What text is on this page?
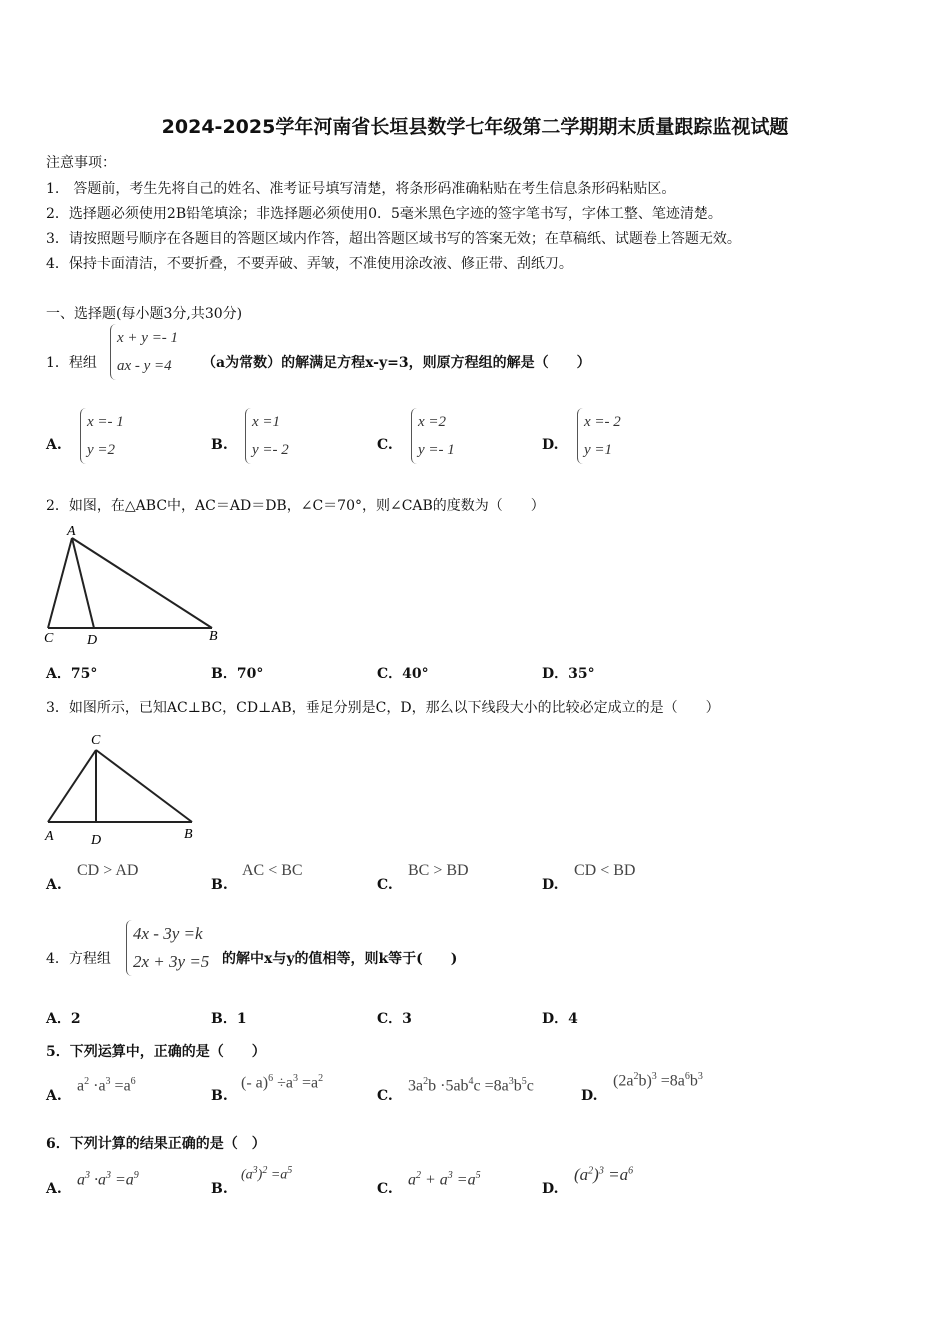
2024-2025学年河南省长垣县数学七年级第二学期期末质量跟踪监视试题
注意事项：
1.　答题前，考生先将自己的姓名、准考证号填写清楚，将条形码准确粘贴在考生信息条形码粘贴区。
2．选择题必须使用2B铅笔填涂；非选择题必须使用0．5毫米黑色字迹的签字笔书写，字体工整、笔迹清楚。
3．请按照题号顺序在各题目的答题区域内作答，超出答题区域书写的答案无效；在草稿纸、试题卷上答题无效。
4．保持卡面清洁，不要折叠，不要弄破、弄皱，不准使用涂改液、修正带、刮纸刀。
一、选择题(每小题3分,共30分)
1．程组
x + y =- 1
ax - y =4	（a为常数）的解满足方程x-y=3，则原方程组的解是（　　）
A.
x =- 1
y =2	B.
x =1
y =- 2	C.
x =2
y =- 1	D.
x =- 2
y =1
2．如图，在△ABC中，AC＝AD＝DB，∠C＝70°，则∠CAB的度数为（　　）
A
C D	B
A．75°	B．70°	C．40°	D．35°
3．如图所示，已知AC⊥BC，CD⊥AB，垂足分别是C，D，那么以下线段大小的比较必定成立的是（　　）
C
A	D	B
A.
CD > AD
B.
AC < BC
C.
BC > BD
D.
CD < BD
4．方程组
4x - 3y =k
2x + 3y =5 的解中x与y的值相等，则k等于(　　)
A．2	B．1	C．3	D．4
5．下列运算中，正确的是（　　）
A.
$a^2 \cdot a^3 =a^6$
B.
(- $a)^6 \div a^3 =a^2$
C.
$3a^2b \cdot 5ab^4c =8a^3b^5c$
D.
$(2a^2b)^3 =8a^6b^3$
6．下列计算的结果正确的是（　）
A.
$a^3 \cdot a^3 =a^9$
B.
$(a^3)^2 =a^5$
C.
$a^2 + a^3 =a^5$
D.
$(a^2)^3 =a^6$
